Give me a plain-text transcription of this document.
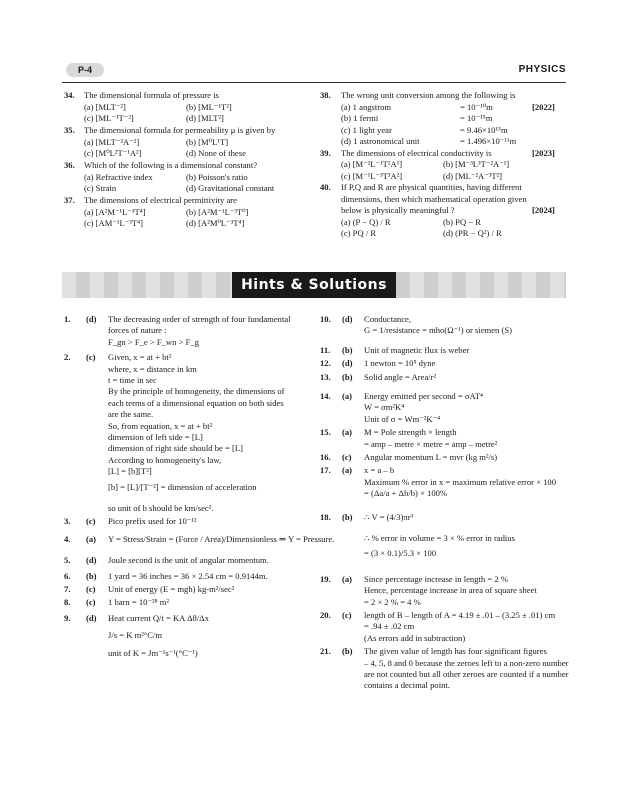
P-4	PHYSICS
34. The dimensional formula of pressure is
(a) [MLT⁻²]	(b) [ML⁻¹T²]
(c) [ML⁻¹T⁻²]	(d) [MLT²]
35. The dimensional formula for permeability μ is given by
(a) [MLT⁻²A⁻²]	(b) [M⁰L¹T]
(c) [M⁰L²T⁻¹A²]	(d) None of these
36. Which of the following is a dimensional constant?
(a) Refractive index	(b) Poisson's ratio
(c) Strain	(d) Gravitational constant
37. The dimensions of electrical permittivity are
(a) [A²M⁻¹L⁻³T⁴]	(b) [A²M⁻¹L⁻³T⁰]
(c) [AM⁻¹L⁻³T⁴]	(d) [A²M⁰L⁻³T⁴]
38. The wrong unit conversion among the following is
(a) 1 angstrom	= 10⁻¹⁰m	[2022]
(b) 1 fermi	= 10⁻¹⁵m
(c) 1 light year	= 9.46×10¹⁵m
(d) 1 astronomical unit	= 1.496×10⁻¹¹m
39. The dimensions of electrical conductivity is	[2023]
(a) [M⁻²L⁻¹T²A¹]	(b) [M⁻³L³T⁻²A⁻¹]
(c) [M⁻¹L⁻³T³A²]	(d) [ML⁻²A⁻³T²]
40. If P,Q and R are physical quantities, having different
dimensions, then which mathematical operation given
below is physically meaningful ?	[2024]
(a) (P − Q) / R	(b) PQ − R
(c) PQ / R	(d) (PR − Q²) / R
Hints & Solutions
1. (d) The decreasing order of strength of four fundamental
forces of nature :
F_gn > F_e > F_wn > F_g
2. (c) Given, x = at + bt²
where, x = distance in km
t = time in sec
By the principle of homogeneity, the dimensions of
each terms of a dimensional equation on both sides
are the same.
So, from equation, x = at + bt²
dimension of left side = [L]
dimension of right side should be = [L]
According to homogeneity's law,
[L] = [b][T²]
[b] = [L]/[T⁻²] = dimension of acceleration
so unit of b should be km/sec².
3. (c) Pico prefix used for 10⁻¹²
4. (a) Y = Stress/Strain = (Force / Area)/Dimensionless ⇒ Y = Pressure.
5. (d) Joule second is the unit of angular momentum.
6. (b) 1 yard = 36 inches = 36 × 2.54 cm = 0.9144m.
7. (c) Unit of energy (E = mgh) kg-m²/sec²
8. (c) 1 barn = 10⁻²⁸ m²
9. (d) Heat current Q/t = KA Δθ/Δx
J/s = K m²°C/m
unit of K = Jm⁻¹s⁻¹(°C⁻¹)
10. (d) Conductance,
G = 1/resistance = mho(Ω⁻¹) or siemen (S)
11. (b) Unit of magnetic flux is weber
12. (d) 1 newton = 10⁵ dyne
13. (b) Solid angle = Area/r²
14. (a) Energy emitted per second = σAT⁴
W = σm²K⁴
Unit of σ = Wm⁻²K⁻⁴
15. (a) M = Pole strength × length
= amp – metre × metre = amp – metre²
16. (c) Angular momentum L = mvr (kg m²/s)
17. (a) x = a – b
Maximum % error in x = maximum relative error × 100
= (Δa/a + Δb/b) × 100%
18. (b) ∴ V = (4/3)πr³
∴ % error in volume = 3 × % error in radius
= (3 × 0.1)/5.3 × 100
19. (a) Since percentage increase in length = 2 %
Hence, percentage increase in area of square sheet
= 2 × 2 % = 4 %
20. (c) length of B – length of A = 4.19 ± .01 – (3.25 ± .01) cm
= .94 ± .02 cm
(As errors add in subtraction)
21. (b) The given value of length has four significant figures
– 4, 5, 8 and 0 because the zeroes left to a non-zero number
are not counted but all other zeroes are counted if a number
contains a decimal point.
